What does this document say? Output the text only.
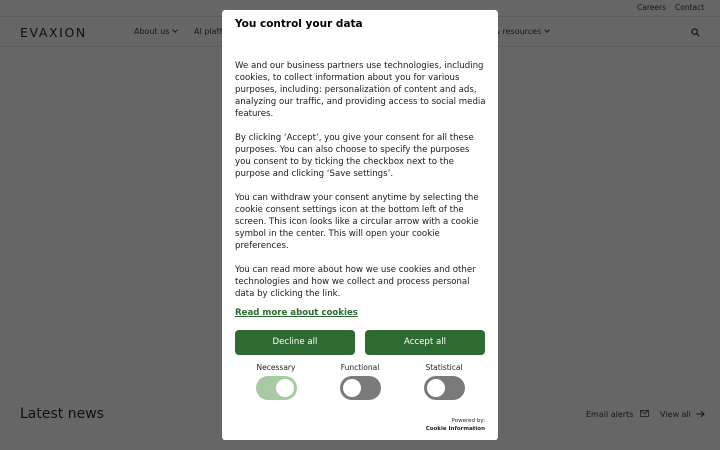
You control your data

We and our business partners use technologies, including cookies, to collect information about you for various purposes, including: personalization of content and ads, analyzing our traffic, and providing access to social media features.

By clicking ‘Accept’, you give your consent for all these purposes. You can also choose to specify the purposes you consent to by ticking the checkbox next to the purpose and clicking ‘Save settings’.

You can withdraw your consent anytime by selecting the cookie consent settings icon at the bottom left of the screen. This icon looks like a circular arrow with a cookie symbol in the center. This will open your cookie preferences.

You can read more about how we use cookies and other technologies and how we collect and process personal data by clicking the link.

Read more about cookies
Decline all	Accept all
Necessary	Functional	Statistical
Powered by:
Cookie Information
